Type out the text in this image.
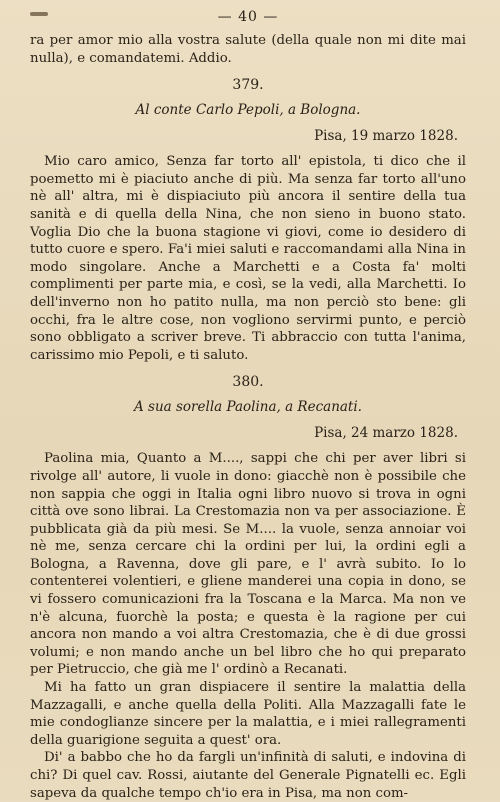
— 40 —

ra per amor mio alla vostra salute (della quale non mi dite mai nulla), e comandatemi. Addio.

379.
Al conte Carlo Pepoli, a Bologna.
Pisa, 19 marzo 1828.

Mio caro amico, Senza far torto all' epistola, ti dico che il poemetto mi è piaciuto anche di più. Ma senza far torto all'uno nè all' altra, mi è dispiaciuto più ancora il sentire della tua sanità e di quella della Nina, che non sieno in buono stato. Voglia Dio che la buona stagione vi giovi, come io desidero di tutto cuore e spero. Fa'i miei saluti e raccomandami alla Nina in modo singolare. Anche a Marchetti e a Costa fa' molti complimenti per parte mia, e così, se la vedi, alla Marchetti. Io dell'inverno non ho patito nulla, ma non perciò sto bene: gli occhi, fra le altre cose, non vogliono servirmi punto, e perciò sono obbligato a scriver breve. Ti abbraccio con tutta l'anima, carissimo mio Pepoli, e ti saluto.

380.
A sua sorella Paolina, a Recanati.
Pisa, 24 marzo 1828.

Paolina mia, Quanto a M...., sappi che chi per aver libri si rivolge all' autore, li vuole in dono: giacchè non è possibile che non sappia che oggi in Italia ogni libro nuovo si trova in ogni città ove sono librai. La Crestomazia non va per associazione. È pubblicata già da più mesi. Se M.... la vuole, senza annoiar voi nè me, senza cercare chi la ordini per lui, la ordini egli a Bologna, a Ravenna, dove gli pare, e l' avrà subito. Io lo contenterei volentieri, e gliene manderei una copia in dono, se vi fossero comunicazioni fra la Toscana e la Marca. Ma non ve n'è alcuna, fuorchè la posta; e questa è la ragione per cui ancora non mando a voi altra Crestomazia, che è di due grossi volumi; e non mando anche un bel libro che ho qui preparato per Pietruccio, che già me l' ordinò a Recanati.

Mi ha fatto un gran dispiacere il sentire la malattia della Mazzagalli, e anche quella della Politi. Alla Mazzagalli fate le mie condoglianze sincere per la malattia, e i miei rallegramenti della guarigione seguita a quest' ora.

Di' a babbo che ho da fargli un'infinità di saluti, e indovina di chi? Di quel cav. Rossi, aiutante del Generale Pignatelli ec. Egli sapeva da qualche tempo ch'io era in Pisa, ma non com-
